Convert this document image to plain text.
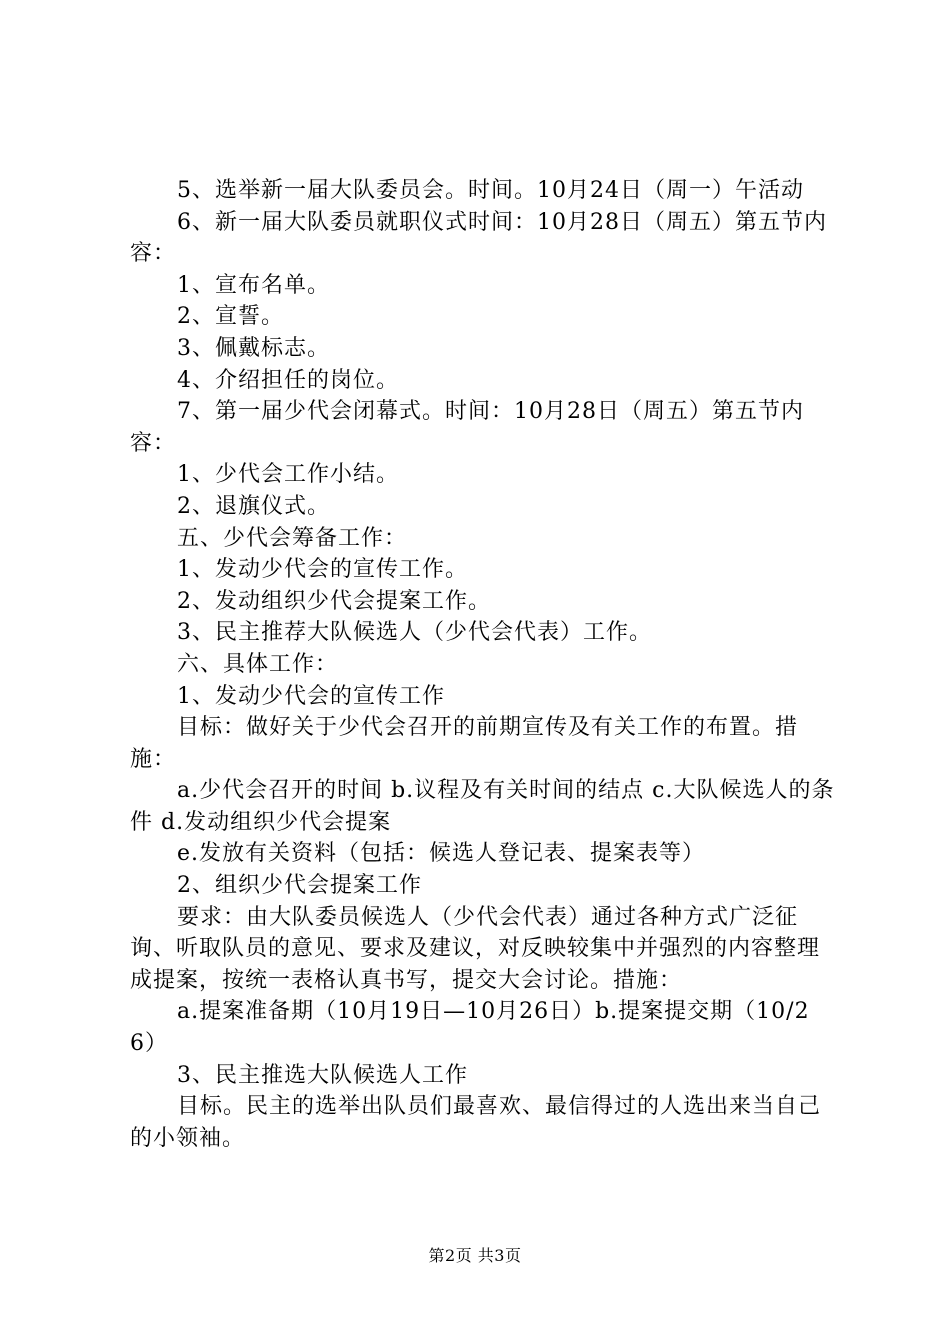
5、选举新一届大队委员会。时间。10月24日（周一）午活动

6、新一届大队委员就职仪式时间：10月28日（周五）第五节内容：

1、宣布名单。

2、宣誓。

3、佩戴标志。

4、介绍担任的岗位。

7、第一届少代会闭幕式。时间：10月28日（周五）第五节内容：

1、少代会工作小结。

2、退旗仪式。

五、少代会筹备工作：

1、发动少代会的宣传工作。

2、发动组织少代会提案工作。

3、民主推荐大队候选人（少代会代表）工作。

六、具体工作：

1、发动少代会的宣传工作

目标：做好关于少代会召开的前期宣传及有关工作的布置。措施：

a.少代会召开的时间 b.议程及有关时间的结点 c.大队候选人的条件 d.发动组织少代会提案

e.发放有关资料（包括：候选人登记表、提案表等）

2、组织少代会提案工作

要求：由大队委员候选人（少代会代表）通过各种方式广泛征询、听取队员的意见、要求及建议，对反映较集中并强烈的内容整理成提案，按统一表格认真书写，提交大会讨论。措施：

a.提案准备期（10月19日—10月26日）b.提案提交期（10/26）

3、民主推选大队候选人工作

目标。民主的选举出队员们最喜欢、最信得过的人选出来当自己的小领袖。

第2页 共3页
